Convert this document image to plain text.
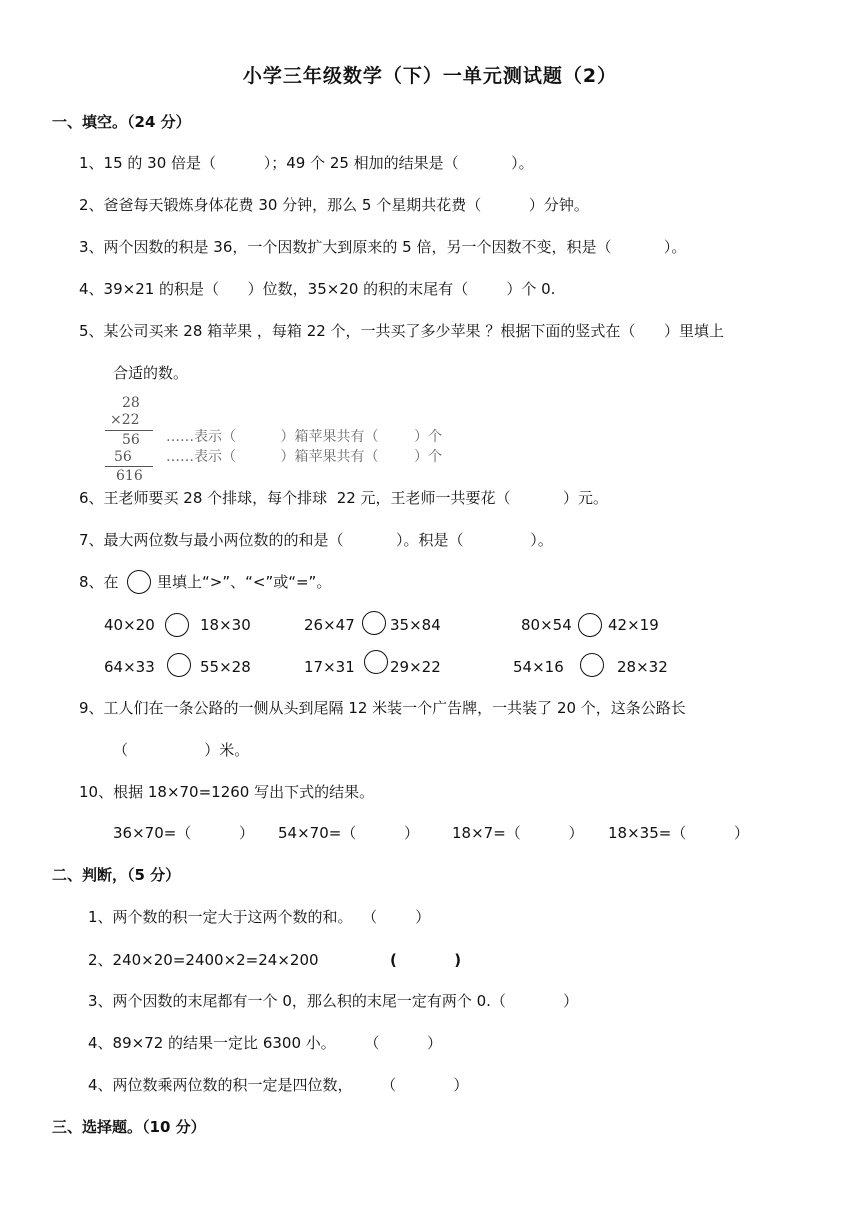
小学三年级数学（下）一单元测试题（2）
一、填空。（24 分）
1、15 的 30 倍是（          ）；49 个 25 相加的结果是（           ）。
2、爸爸每天锻炼身体花费 30 分钟，那么 5 个星期共花费（          ）分钟。
3、两个因数的积是 36，一个因数扩大到原来的 5 倍，另一个因数不变，积是（           ）。
4、39×21 的积是（      ）位数，35×20 的积的末尾有（        ）个 0.
5、某公司买来 28 箱苹果 ，每箱 22 个，一共买了多少苹果 ？根据下面的竖式在（      ）里填上
合适的数。
28
×22
56
56
616
……表示（          ）箱苹果共有（        ）个
……表示（          ）箱苹果共有（        ）个
6、王老师要买 28 个排球，每个排球  22 元，王老师一共要花（           ）元。
7、最大两位数与最小两位数的的和是（           ）。积是（              ）。
8、在	里填上“>”、“<”或“=”。
40×20	18×30	26×47 35×84	80×54 42×19
64×33	55×28	17×31 29×22	54×16	28×32
9、工人们在一条公路的一侧从头到尾隔 12 米装一个广告牌，一共装了 20 个，这条公路长
（                ）米。
10、根据 18×70=1260 写出下式的结果。
36×70=（          ） 54×70=（          ） 18×7=（          ） 18×35=（          ）
二、判断，（5 分）
1、两个数的积一定大于这两个数的和。  （        ）
2、240×20=2400×2=24×200	(           )
3、两个因数的末尾都有一个 0，那么积的末尾一定有两个 0.（            ）
4、89×72 的结果一定比 6300 小。      （          ）
4、两位数乘两位数的积一定是四位数，      （            ）
三、选择题。（10 分）
